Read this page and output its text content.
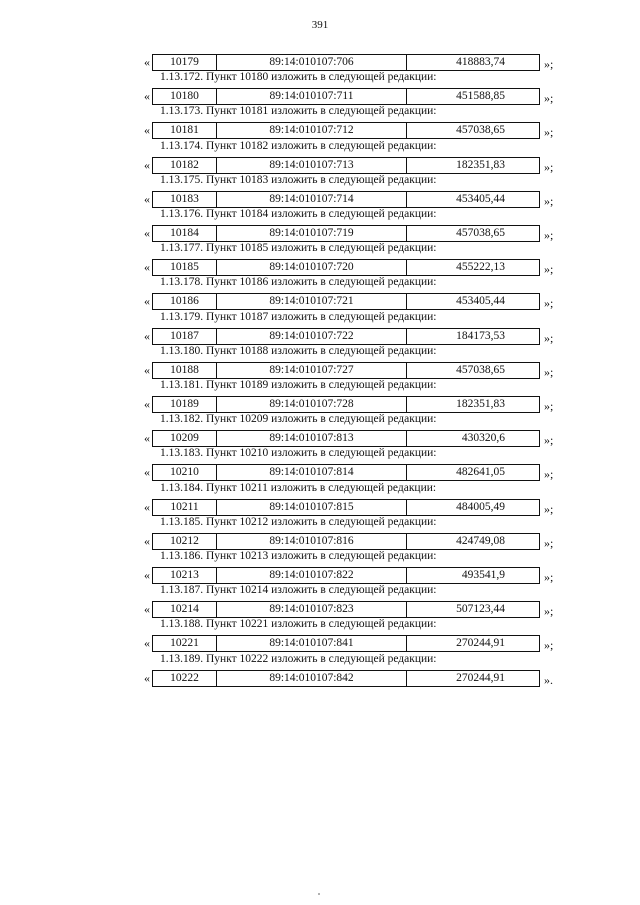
391
«	10179	89:14:010107:706	418883,74	»;
1.13.172. Пункт 10180 изложить в следующей редакции:
«	10180	89:14:010107:711	451588,85	»;
1.13.173. Пункт 10181 изложить в следующей редакции:
«	10181	89:14:010107:712	457038,65	»;
1.13.174. Пункт 10182 изложить в следующей редакции:
«	10182	89:14:010107:713	182351,83	»;
1.13.175. Пункт 10183 изложить в следующей редакции:
«	10183	89:14:010107:714	453405,44	»;
1.13.176. Пункт 10184 изложить в следующей редакции:
«	10184	89:14:010107:719	457038,65	»;
1.13.177. Пункт 10185 изложить в следующей редакции:
«	10185	89:14:010107:720	455222,13	»;
1.13.178. Пункт 10186 изложить в следующей редакции:
«	10186	89:14:010107:721	453405,44	»;
1.13.179. Пункт 10187 изложить в следующей редакции:
«	10187	89:14:010107:722	184173,53	»;
1.13.180. Пункт 10188 изложить в следующей редакции:
«	10188	89:14:010107:727	457038,65	»;
1.13.181. Пункт 10189 изложить в следующей редакции:
«	10189	89:14:010107:728	182351,83	»;
1.13.182. Пункт 10209 изложить в следующей редакции:
«	10209	89:14:010107:813	430320,6	»;
1.13.183. Пункт 10210 изложить в следующей редакции:
«	10210	89:14:010107:814	482641,05	»;
1.13.184. Пункт 10211 изложить в следующей редакции:
«	10211	89:14:010107:815	484005,49	»;
1.13.185. Пункт 10212 изложить в следующей редакции:
«	10212	89:14:010107:816	424749,08	»;
1.13.186. Пункт 10213 изложить в следующей редакции:
«	10213	89:14:010107:822	493541,9	»;
1.13.187. Пункт 10214 изложить в следующей редакции:
«	10214	89:14:010107:823	507123,44	»;
1.13.188. Пункт 10221 изложить в следующей редакции:
«	10221	89:14:010107:841	270244,91	»;
1.13.189. Пункт 10222 изложить в следующей редакции:
«	10222	89:14:010107:842	270244,91	».
